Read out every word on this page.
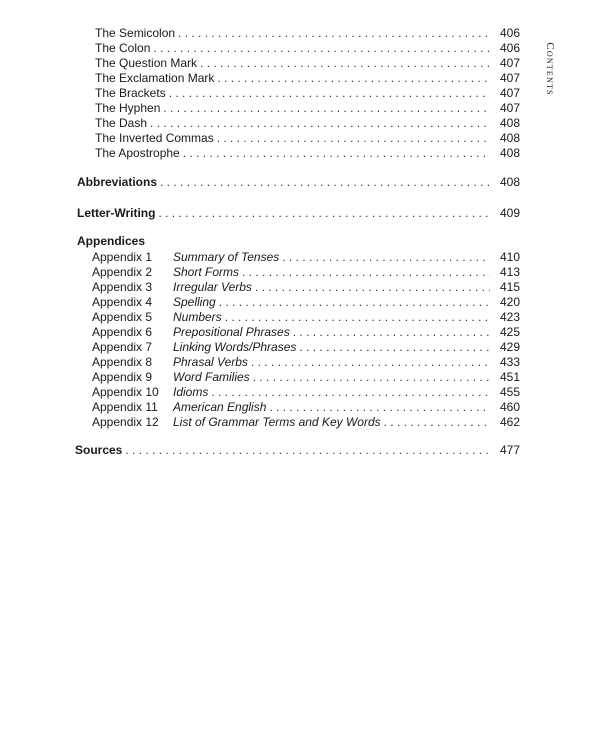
The Semicolon . . .	406
The Colon . . .	406
The Question Mark . . .	407
The Exclamation Mark . . .	407
The Brackets . . .	407
The Hyphen . . .	407
The Dash . . .	408
The Inverted Commas . . .	408
The Apostrophe . . .	408
Abbreviations . . .	408
Letter-Writing . . .	409
Appendices
Appendix 1	Summary of Tenses . . .	410
Appendix 2	Short Forms . . .	413
Appendix 3	Irregular Verbs . . .	415
Appendix 4	Spelling . . .	420
Appendix 5	Numbers . . .	423
Appendix 6	Prepositional Phrases . . .	425
Appendix 7	Linking Words/Phrases . . .	429
Appendix 8	Phrasal Verbs . . .	433
Appendix 9	Word Families . . .	451
Appendix 10	Idioms . . .	455
Appendix 11	American English . . .	460
Appendix 12	List of Grammar Terms and Key Words . . .	462
Sources . . .	477
Contents
